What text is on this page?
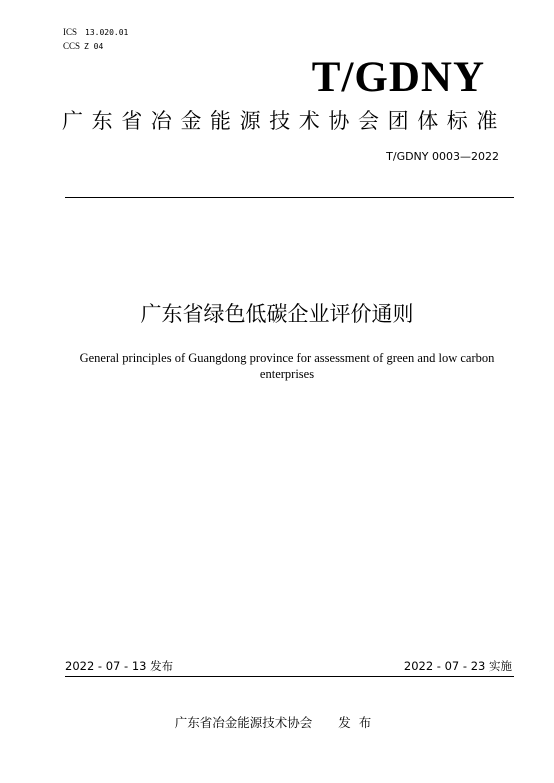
ICS 13.020.01
CCS Z 04
T/GDNY
广东省冶金能源技术协会团体标准
T/GDNY 0003—2022
广东省绿色低碳企业评价通则
General principles of Guangdong province for assessment of green and low carbon enterprises
2022 - 07 - 13 发布	2022 - 07 - 23 实施
广东省冶金能源技术协会 发布
